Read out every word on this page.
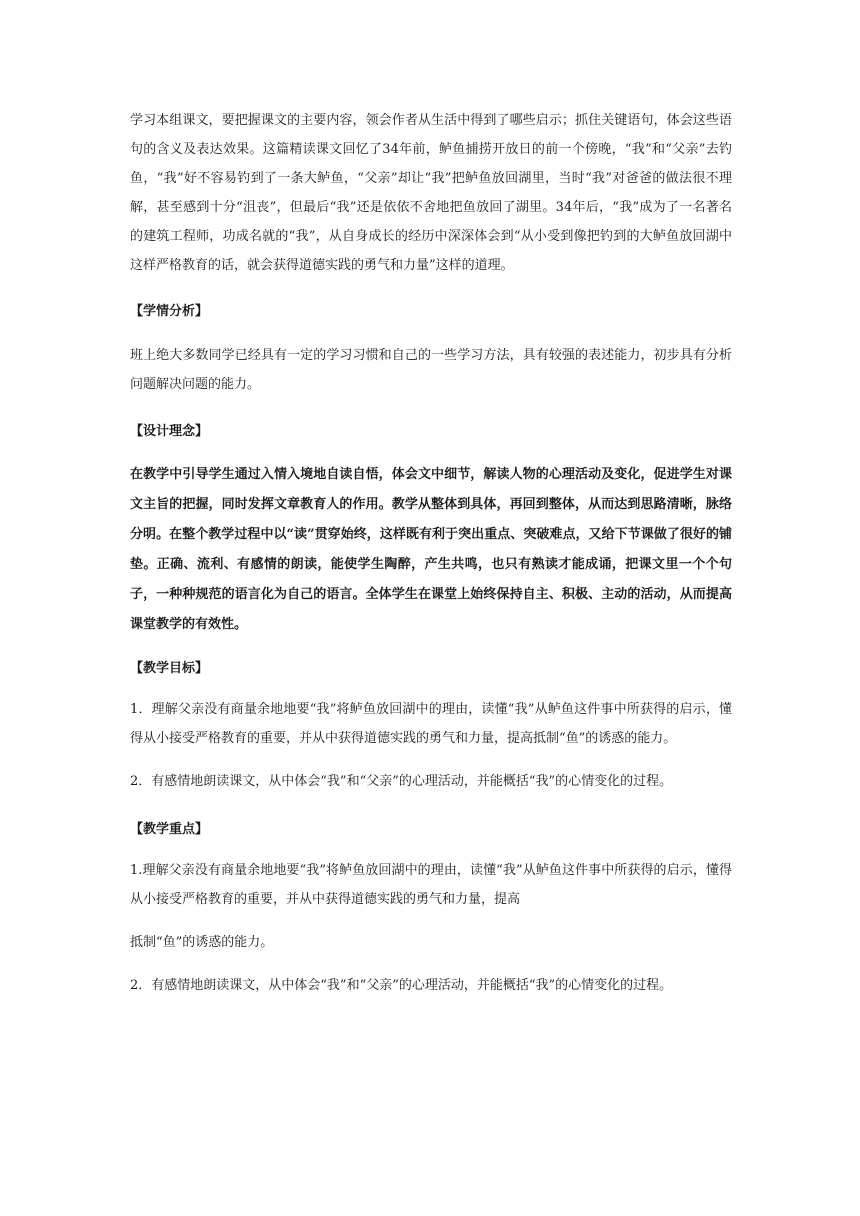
学习本组课文，要把握课文的主要内容，领会作者从生活中得到了哪些启示；抓住关键语句，体会这些语句的含义及表达效果。这篇精读课文回忆了34年前，鲈鱼捕捞开放日的前一个傍晚，“我”和“父亲”去钓鱼，“我”好不容易钓到了一条大鲈鱼，“父亲”却让“我”把鲈鱼放回湖里，当时“我”对爸爸的做法很不理解，甚至感到十分“沮丧”，但最后“我”还是依依不舍地把鱼放回了湖里。34年后，“我”成为了一名著名的建筑工程师，功成名就的“我”，从自身成长的经历中深深体会到“从小受到像把钓到的大鲈鱼放回湖中这样严格教育的话，就会获得道德实践的勇气和力量”这样的道理。

【学情分析】

班上绝大多数同学已经具有一定的学习习惯和自己的一些学习方法，具有较强的表述能力，初步具有分析问题解决问题的能力。

【设计理念】

在教学中引导学生通过入情入境地自读自悟，体会文中细节，解读人物的心理活动及变化，促进学生对课文主旨的把握，同时发挥文章教育人的作用。教学从整体到具体，再回到整体，从而达到思路清晰，脉络分明。在整个教学过程中以“读”贯穿始终，这样既有利于突出重点、突破难点，又给下节课做了很好的铺垫。正确、流利、有感情的朗读，能使学生陶醉，产生共鸣，也只有熟读才能成诵，把课文里一个个句子，一种种规范的语言化为自己的语言。全体学生在课堂上始终保持自主、积极、主动的活动，从而提高课堂教学的有效性。

【教学目标】

1．理解父亲没有商量余地地要“我”将鲈鱼放回湖中的理由，读懂“我”从鲈鱼这件事中所获得的启示，懂得从小接受严格教育的重要，并从中获得道德实践的勇气和力量，提高抵制“鱼”的诱惑的能力。

2．有感情地朗读课文，从中体会“我”和“父亲”的心理活动，并能概括“我”的心情变化的过程。

【教学重点】

1.理解父亲没有商量余地地要“我”将鲈鱼放回湖中的理由，读懂“我”从鲈鱼这件事中所获得的启示，懂得从小接受严格教育的重要，并从中获得道德实践的勇气和力量，提高

抵制“鱼”的诱惑的能力。

2．有感情地朗读课文，从中体会“我”和“父亲”的心理活动，并能概括“我”的心情变化的过程。
